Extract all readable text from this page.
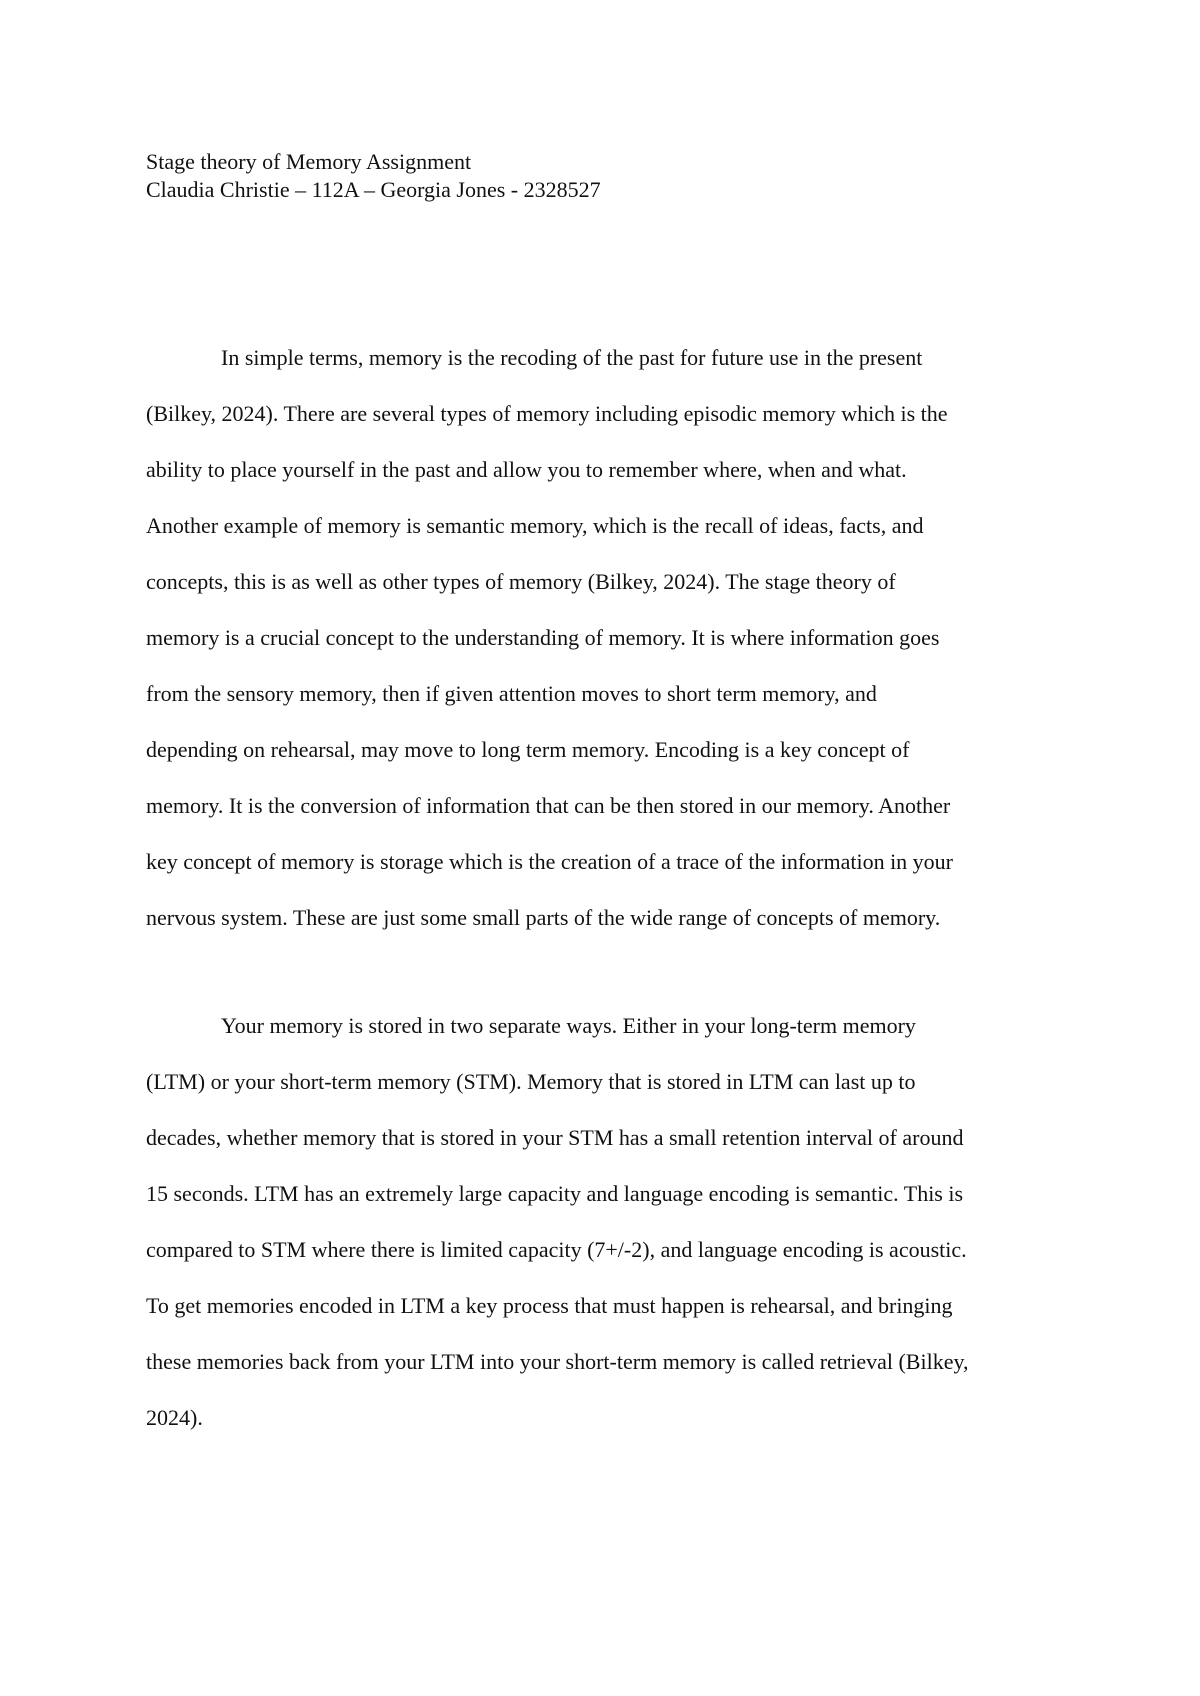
Stage theory of Memory Assignment
Claudia Christie – 112A – Georgia Jones - 2328527
In simple terms, memory is the recoding of the past for future use in the present
(Bilkey, 2024). There are several types of memory including episodic memory which is the
ability to place yourself in the past and allow you to remember where, when and what.
Another example of memory is semantic memory, which is the recall of ideas, facts, and
concepts, this is as well as other types of memory (Bilkey, 2024). The stage theory of
memory is a crucial concept to the understanding of memory. It is where information goes
from the sensory memory, then if given attention moves to short term memory, and
depending on rehearsal, may move to long term memory. Encoding is a key concept of
memory. It is the conversion of information that can be then stored in our memory. Another
key concept of memory is storage which is the creation of a trace of the information in your
nervous system. These are just some small parts of the wide range of concepts of memory.
Your memory is stored in two separate ways. Either in your long-term memory
(LTM) or your short-term memory (STM). Memory that is stored in LTM can last up to
decades, whether memory that is stored in your STM has a small retention interval of around
15 seconds. LTM has an extremely large capacity and language encoding is semantic. This is
compared to STM where there is limited capacity (7+/-2), and language encoding is acoustic.
To get memories encoded in LTM a key process that must happen is rehearsal, and bringing
these memories back from your LTM into your short-term memory is called retrieval (Bilkey,
2024).
